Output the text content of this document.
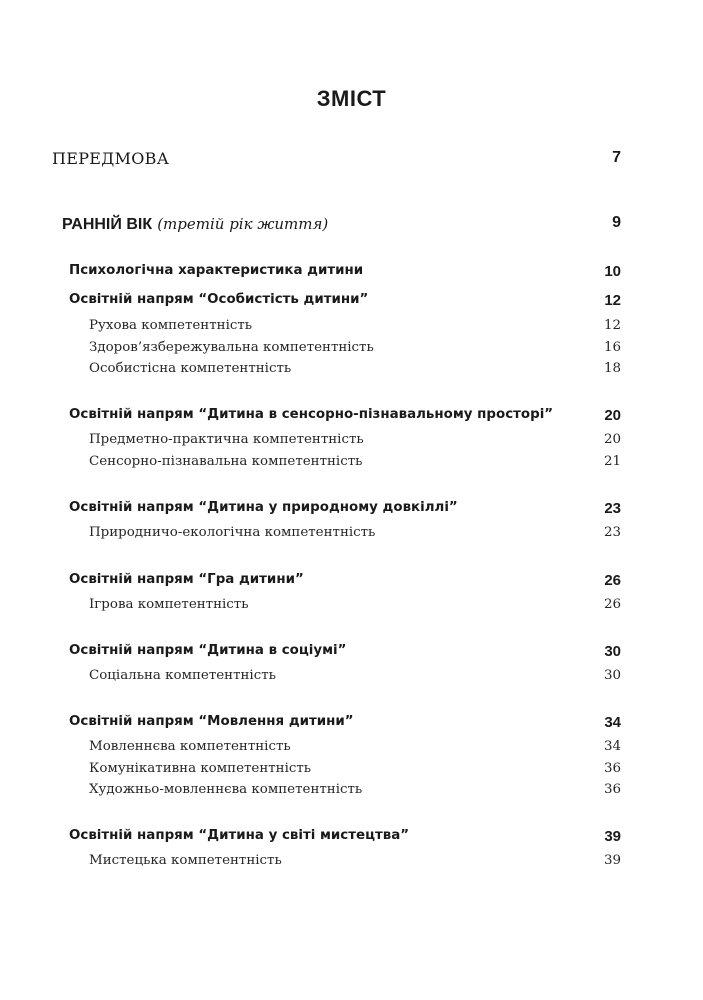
ЗМІСТ
ПЕРЕДМОВА	7
РАННІЙ ВІК (третій рік життя)	9
Психологічна характеристика дитини	10
Освітній напрям “Особистість дитини”	12
Рухова компетентність	12
Здоров’язбережувальна компетентність	16
Особистісна компетентність	18
Освітній напрям “Дитина в сенсорно-пізнавальному просторі”	20
Предметно-практична компетентність	20
Сенсорно-пізнавальна компетентність	21
Освітній напрям “Дитина у природному довкіллі”	23
Природничо-екологічна компетентність	23
Освітній напрям “Гра дитини”	26
Ігрова компетентність	26
Освітній напрям “Дитина в соціумі”	30
Соціальна компетентність	30
Освітній напрям “Мовлення дитини”	34
Мовленнєва компетентність	34
Комунікативна компетентність	36
Художньо-мовленнєва компетентність	36
Освітній напрям “Дитина у світі мистецтва”	39
Мистецька компетентність	39
